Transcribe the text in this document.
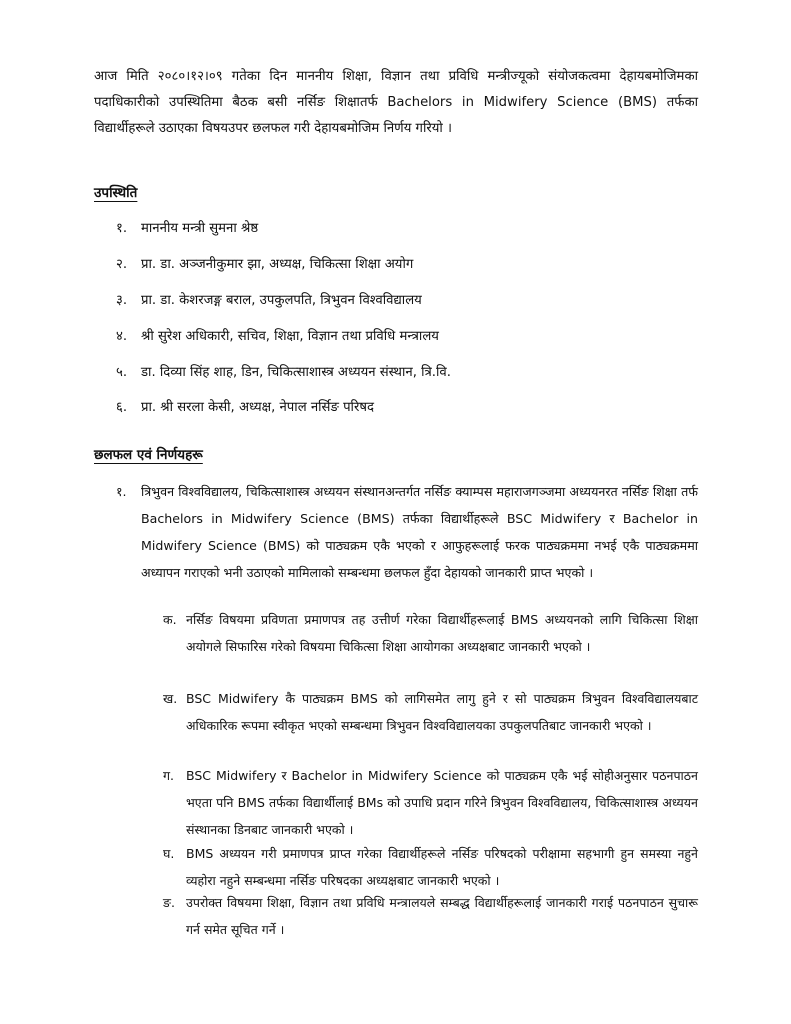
आज मिति २०८०।१२।०९ गतेका दिन माननीय शिक्षा, विज्ञान तथा प्रविधि मन्त्रीज्यूको संयोजकत्वमा देहायबमोजिमका पदाधिकारीको उपस्थितिमा बैठक बसी नर्सिङ शिक्षातर्फ Bachelors in Midwifery Science (BMS) तर्फका विद्यार्थीहरूले उठाएका विषयउपर छलफल गरी देहायबमोजिम निर्णय गरियो ।
उपस्थिति
१. माननीय मन्त्री सुमना श्रेष्ठ
२. प्रा. डा. अञ्जनीकुमार झा, अध्यक्ष, चिकित्सा शिक्षा अयोग
३. प्रा. डा. केशरजङ्ग बराल, उपकुलपति, त्रिभुवन विश्वविद्यालय
४. श्री सुरेश अधिकारी, सचिव, शिक्षा, विज्ञान तथा प्रविधि मन्त्रालय
५. डा. दिव्या सिंह शाह, डिन, चिकित्साशास्त्र अध्ययन संस्थान, त्रि.वि.
६. प्रा. श्री सरला केसी, अध्यक्ष, नेपाल नर्सिङ परिषद
छलफल एवं निर्णयहरू
१. त्रिभुवन विश्वविद्यालय, चिकित्साशास्त्र अध्ययन संस्थानअन्तर्गत नर्सिङ क्याम्पस महाराजगञ्जमा अध्ययनरत नर्सिङ शिक्षा तर्फ Bachelors in Midwifery Science (BMS) तर्फका विद्यार्थीहरूले BSC Midwifery र Bachelor in Midwifery Science (BMS) को पाठ्यक्रम एकै भएको र आफुहरूलाई फरक पाठ्यक्रममा नभई एकै पाठ्यक्रममा अध्यापन गराएको भनी उठाएको मामिलाको सम्बन्धमा छलफल हुँदा देहायको जानकारी प्राप्त भएको ।
क. नर्सिङ विषयमा प्रविणता प्रमाणपत्र तह उत्तीर्ण गरेका विद्यार्थीहरूलाई BMS अध्ययनको लागि चिकित्सा शिक्षा अयोगले सिफारिस गरेको विषयमा चिकित्सा शिक्षा आयोगका अध्यक्षबाट जानकारी भएको ।
ख. BSC Midwifery कै पाठ्यक्रम BMS को लागिसमेत लागु हुने र सो पाठ्यक्रम त्रिभुवन विश्वविद्यालयबाट अधिकारिक रूपमा स्वीकृत भएको सम्बन्धमा त्रिभुवन विश्वविद्यालयका उपकुलपतिबाट जानकारी भएको ।
ग. BSC Midwifery र Bachelor in Midwifery Science को पाठ्यक्रम एकै भई सोहीअनुसार पठनपाठन भएता पनि BMS तर्फका विद्यार्थीलाई BMs को उपाधि प्रदान गरिने त्रिभुवन विश्वविद्यालय, चिकित्साशास्त्र अध्ययन संस्थानका डिनबाट जानकारी भएको ।
घ. BMS अध्ययन गरी प्रमाणपत्र प्राप्त गरेका विद्यार्थीहरूले नर्सिङ परिषदको परीक्षामा सहभागी हुन समस्या नहुने व्यहोरा नहुने सम्बन्धमा नर्सिङ परिषदका अध्यक्षबाट जानकारी भएको ।
ङ. उपरोक्त विषयमा शिक्षा, विज्ञान तथा प्रविधि मन्त्रालयले सम्बद्ध विद्यार्थीहरूलाई जानकारी गराई पठनपाठन सुचारू गर्न समेत सूचित गर्ने ।
